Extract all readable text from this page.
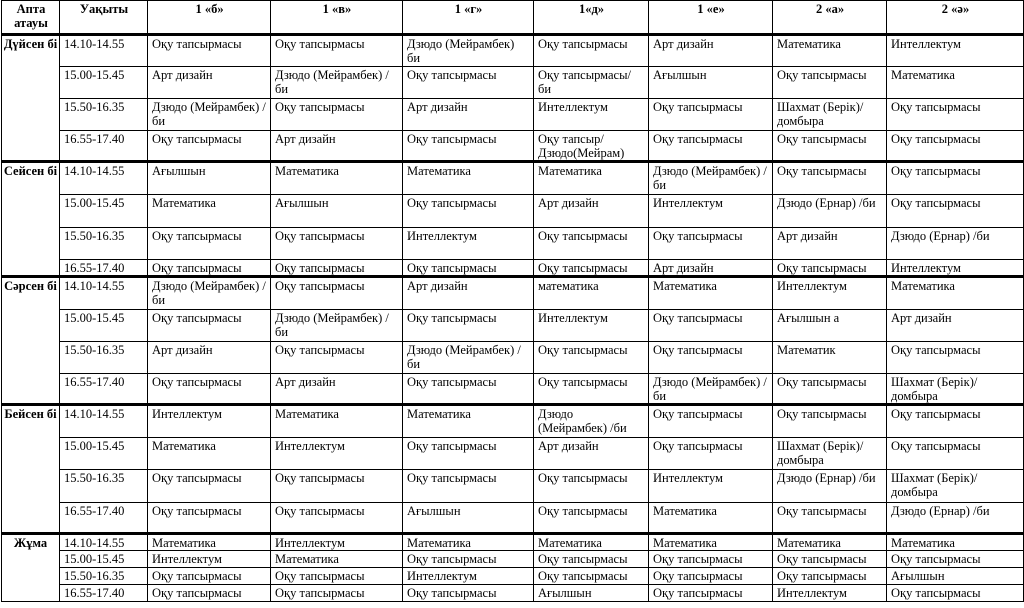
Апта атауы	Уақыты	1 «б»	1 «в»	1 «г»	1«д»	1 «е»	2 «а»	2 «ә»
Дүйсен бі	14.10-14.55	Оқу тапсырмасы	Оқу тапсырмасы	Дзюдо (Мейрамбек) би	Оқу тапсырмасы	Арт дизайн	Математика	Интеллектум
	15.00-15.45	Арт дизайн	Дзюдо (Мейрамбек) /би	Оқу тапсырмасы	Оқу тапсырмасы/ би	Ағылшын	Оқу тапсырмасы	Математика
	15.50-16.35	Дзюдо (Мейрамбек) /би	Оқу тапсырмасы	Арт дизайн	Интеллектум	Оқу тапсырмасы	Шахмат (Берік)/ домбыра	Оқу тапсырмасы
	16.55-17.40	Оқу тапсырмасы	Арт дизайн	Оқу тапсырмасы	Оқу тапсыр/ Дзюдо(Мейрам)	Оқу тапсырмасы	Оқу тапсырмасы	Оқу тапсырмасы
Сейсен бі	14.10-14.55	Ағылшын	Математика	Математика	Математика	Дзюдо (Мейрамбек) /би	Оқу тапсырмасы	Оқу тапсырмасы
	15.00-15.45	Математика	Ағылшын	Оқу тапсырмасы	Арт дизайн	Интеллектум	Дзюдо (Ернар) /би	Оқу тапсырмасы
	15.50-16.35	Оқу тапсырмасы	Оқу тапсырмасы	Интеллектум	Оқу тапсырмасы	Оқу тапсырмасы	Арт дизайн	Дзюдо (Ернар) /би
	16.55-17.40	Оқу тапсырмасы	Оқу тапсырмасы	Оқу тапсырмасы	Оқу тапсырмасы	Арт дизайн	Оқу тапсырмасы	Интеллектум
Сәрсен бі	14.10-14.55	Дзюдо (Мейрамбек) /би	Оқу тапсырмасы	Арт дизайн	математика	Математика	Интеллектум	Математика
	15.00-15.45	Оқу тапсырмасы	Дзюдо (Мейрамбек) /би	Оқу тапсырмасы	Интеллектум	Оқу тапсырмасы	Ағылшын а	Арт дизайн
	15.50-16.35	Арт дизайн	Оқу тапсырмасы	Дзюдо (Мейрамбек) /би	Оқу тапсырмасы	Оқу тапсырмасы	Математик	Оқу тапсырмасы
	16.55-17.40	Оқу тапсырмасы	Арт дизайн	Оқу тапсырмасы	Оқу тапсырмасы	Дзюдо (Мейрамбек) /би	Оқу тапсырмасы	Шахмат (Берік)/ домбыра
Бейсен бі	14.10-14.55	Интеллектум	Математика	Математика	Дзюдо (Мейрамбек) /би	Оқу тапсырмасы	Оқу тапсырмасы	Оқу тапсырмасы
	15.00-15.45	Математика	Интеллектум	Оқу тапсырмасы	Арт дизайн	Оқу тапсырмасы	Шахмат (Берік)/ домбыра	Оқу тапсырмасы
	15.50-16.35	Оқу тапсырмасы	Оқу тапсырмасы	Оқу тапсырмасы	Оқу тапсырмасы	Интеллектум	Дзюдо (Ернар) /би	Шахмат (Берік)/ домбыра
	16.55-17.40	Оқу тапсырмасы	Оқу тапсырмасы	Ағылшын	Оқу тапсырмасы	Математика	Оқу тапсырмасы	Дзюдо (Ернар) /би
Жұма	14.10-14.55	Математика	Интеллектум	Математика	Математика	Математика	Математика	Математика
	15.00-15.45	Интеллектум	Математика	Оқу тапсырмасы	Оқу тапсырмасы	Оқу тапсырмасы	Оқу тапсырмасы	Оқу тапсырмасы
	15.50-16.35	Оқу тапсырмасы	Оқу тапсырмасы	Интеллектум	Оқу тапсырмасы	Оқу тапсырмасы	Оқу тапсырмасы	Ағылшын
	16.55-17.40	Оқу тапсырмасы	Оқу тапсырмасы	Оқу тапсырмасы	Ағылшын	Оқу тапсырмасы	Интеллектум	Оқу тапсырмасы
